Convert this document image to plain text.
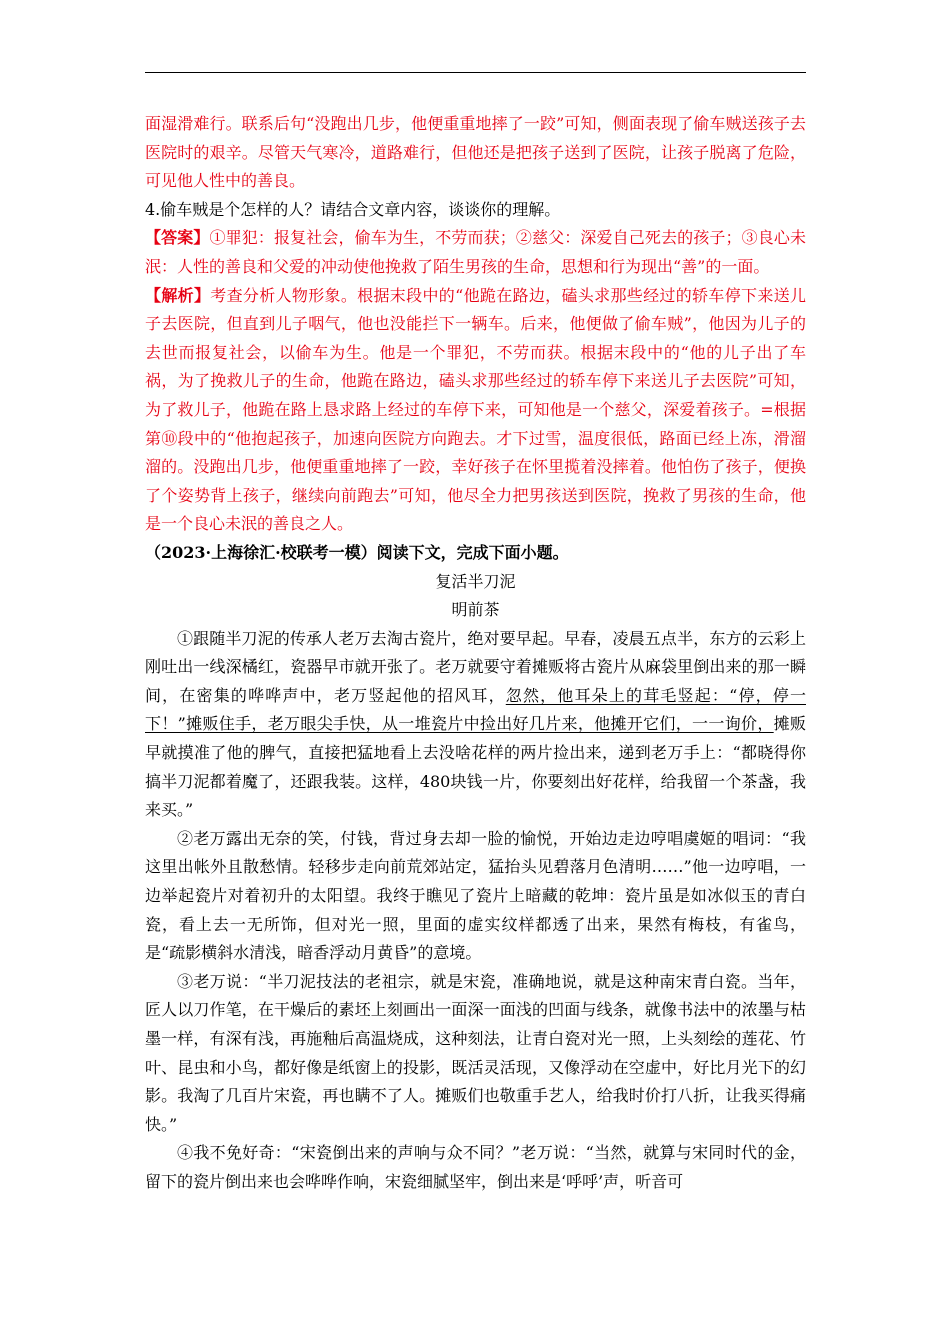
面湿滑难行。联系后句“没跑出几步，他便重重地摔了一跤”可知，侧面表现了偷车贼送孩子去医院时的艰辛。尽管天气寒冷，道路难行，但他还是把孩子送到了医院，让孩子脱离了危险，可见他人性中的善良。

4.偷车贼是个怎样的人？请结合文章内容，谈谈你的理解。

【答案】①罪犯：报复社会，偷车为生，不劳而获；②慈父：深爱自己死去的孩子；③良心未泯：人性的善良和父爱的冲动使他挽救了陌生男孩的生命，思想和行为现出“善”的一面。

【解析】考查分析人物形象。根据末段中的“他跪在路边，磕头求那些经过的轿车停下来送儿子去医院，但直到儿子咽气，他也没能拦下一辆车。后来，他便做了偷车贼”，他因为儿子的去世而报复社会，以偷车为生。他是一个罪犯，不劳而获。根据末段中的“他的儿子出了车祸，为了挽救儿子的生命，他跪在路边，磕头求那些经过的轿车停下来送儿子去医院”可知，为了救儿子，他跪在路上恳求路上经过的车停下来，可知他是一个慈父，深爱着孩子。=根据第⑩段中的“他抱起孩子，加速向医院方向跑去。才下过雪，温度很低，路面已经上冻，滑溜溜的。没跑出几步，他便重重地摔了一跤，幸好孩子在怀里揽着没摔着。他怕伤了孩子，便换了个姿势背上孩子，继续向前跑去”可知，他尽全力把男孩送到医院，挽救了男孩的生命，他是一个良心未泯的善良之人。

（2023·上海徐汇·校联考一模）阅读下文，完成下面小题。

复活半刀泥

明前茶

①跟随半刀泥的传承人老万去淘古瓷片，绝对要早起。早春，凌晨五点半，东方的云彩上刚吐出一线深橘红，瓷器早市就开张了。老万就要守着摊贩将古瓷片从麻袋里倒出来的那一瞬间，在密集的哗哗声中，老万竖起他的招风耳，忽然，他耳朵上的茸毛竖起：“停，停一下！”摊贩住手，老万眼尖手快，从一堆瓷片中捡出好几片来，他摊开它们，一一询价，摊贩早就摸准了他的脾气，直接把猛地看上去没啥花样的两片捡出来，递到老万手上：“都晓得你搞半刀泥都着魔了，还跟我装。这样，480块钱一片，你要刻出好花样，给我留一个茶盏，我来买。”

②老万露出无奈的笑，付钱，背过身去却一脸的愉悦，开始边走边哼唱虞姬的唱词：“我这里出帐外且散愁情。轻移步走向前荒郊站定，猛抬头见碧落月色清明……”他一边哼唱，一边举起瓷片对着初升的太阳望。我终于瞧见了瓷片上暗藏的乾坤：瓷片虽是如冰似玉的青白瓷，看上去一无所饰，但对光一照，里面的虚实纹样都透了出来，果然有梅枝，有雀鸟，是“疏影横斜水清浅，暗香浮动月黄昏”的意境。

③老万说：“半刀泥技法的老祖宗，就是宋瓷，准确地说，就是这种南宋青白瓷。当年，匠人以刀作笔，在干燥后的素坯上刻画出一面深一面浅的凹面与线条，就像书法中的浓墨与枯墨一样，有深有浅，再施釉后高温烧成，这种刻法，让青白瓷对光一照，上头刻绘的莲花、竹叶、昆虫和小鸟，都好像是纸窗上的投影，既活灵活现，又像浮动在空虚中，好比月光下的幻影。我淘了几百片宋瓷，再也瞒不了人。摊贩们也敬重手艺人，给我时价打八折，让我买得痛快。”

④我不免好奇：“宋瓷倒出来的声响与众不同？”老万说：“当然，就算与宋同时代的金，留下的瓷片倒出来也会哗哗作响，宋瓷细腻坚牢，倒出来是‘呼呼’声，听音可
